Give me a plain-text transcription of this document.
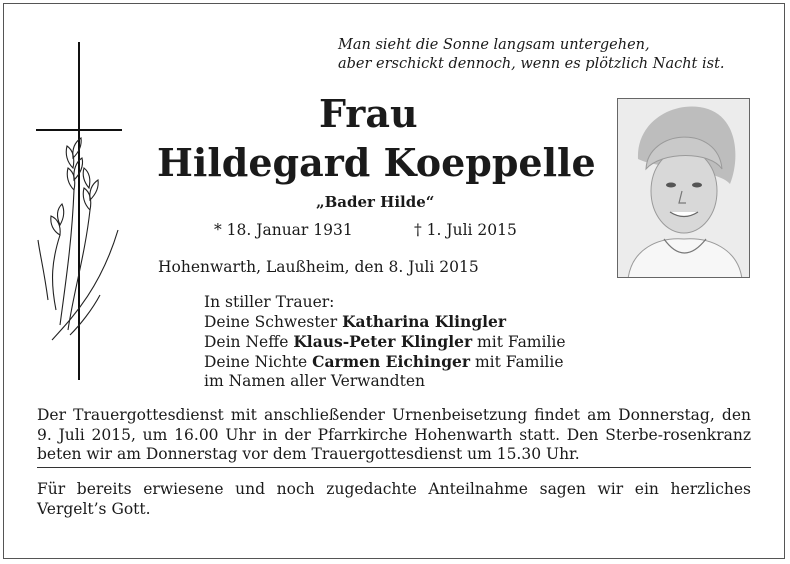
Man sieht die Sonne langsam untergehen,
aber erschickt dennoch, wenn es plötzlich Nacht ist.
Frau
Hildegard Koeppelle
„Bader Hilde“
* 18. Januar 1931	† 1. Juli 2015
Hohenwarth, Laußheim, den 8. Juli 2015
In stiller Trauer:
Deine Schwester Katharina Klingler
Dein Neffe Klaus-Peter Klingler mit Familie
Deine Nichte Carmen Eichinger mit Familie
im Namen aller Verwandten
Der Trauergottesdienst mit anschließender Urnenbeisetzung findet am Donnerstag, den 9. Juli 2015, um 16.00 Uhr in der Pfarrkirche Hohenwarth statt. Den Sterbe-rosenkranz beten wir am Donnerstag vor dem Trauergottesdienst um 15.30 Uhr.
Für bereits erwiesene und noch zugedachte Anteilnahme sagen wir ein herzliches Vergelt’s Gott.
